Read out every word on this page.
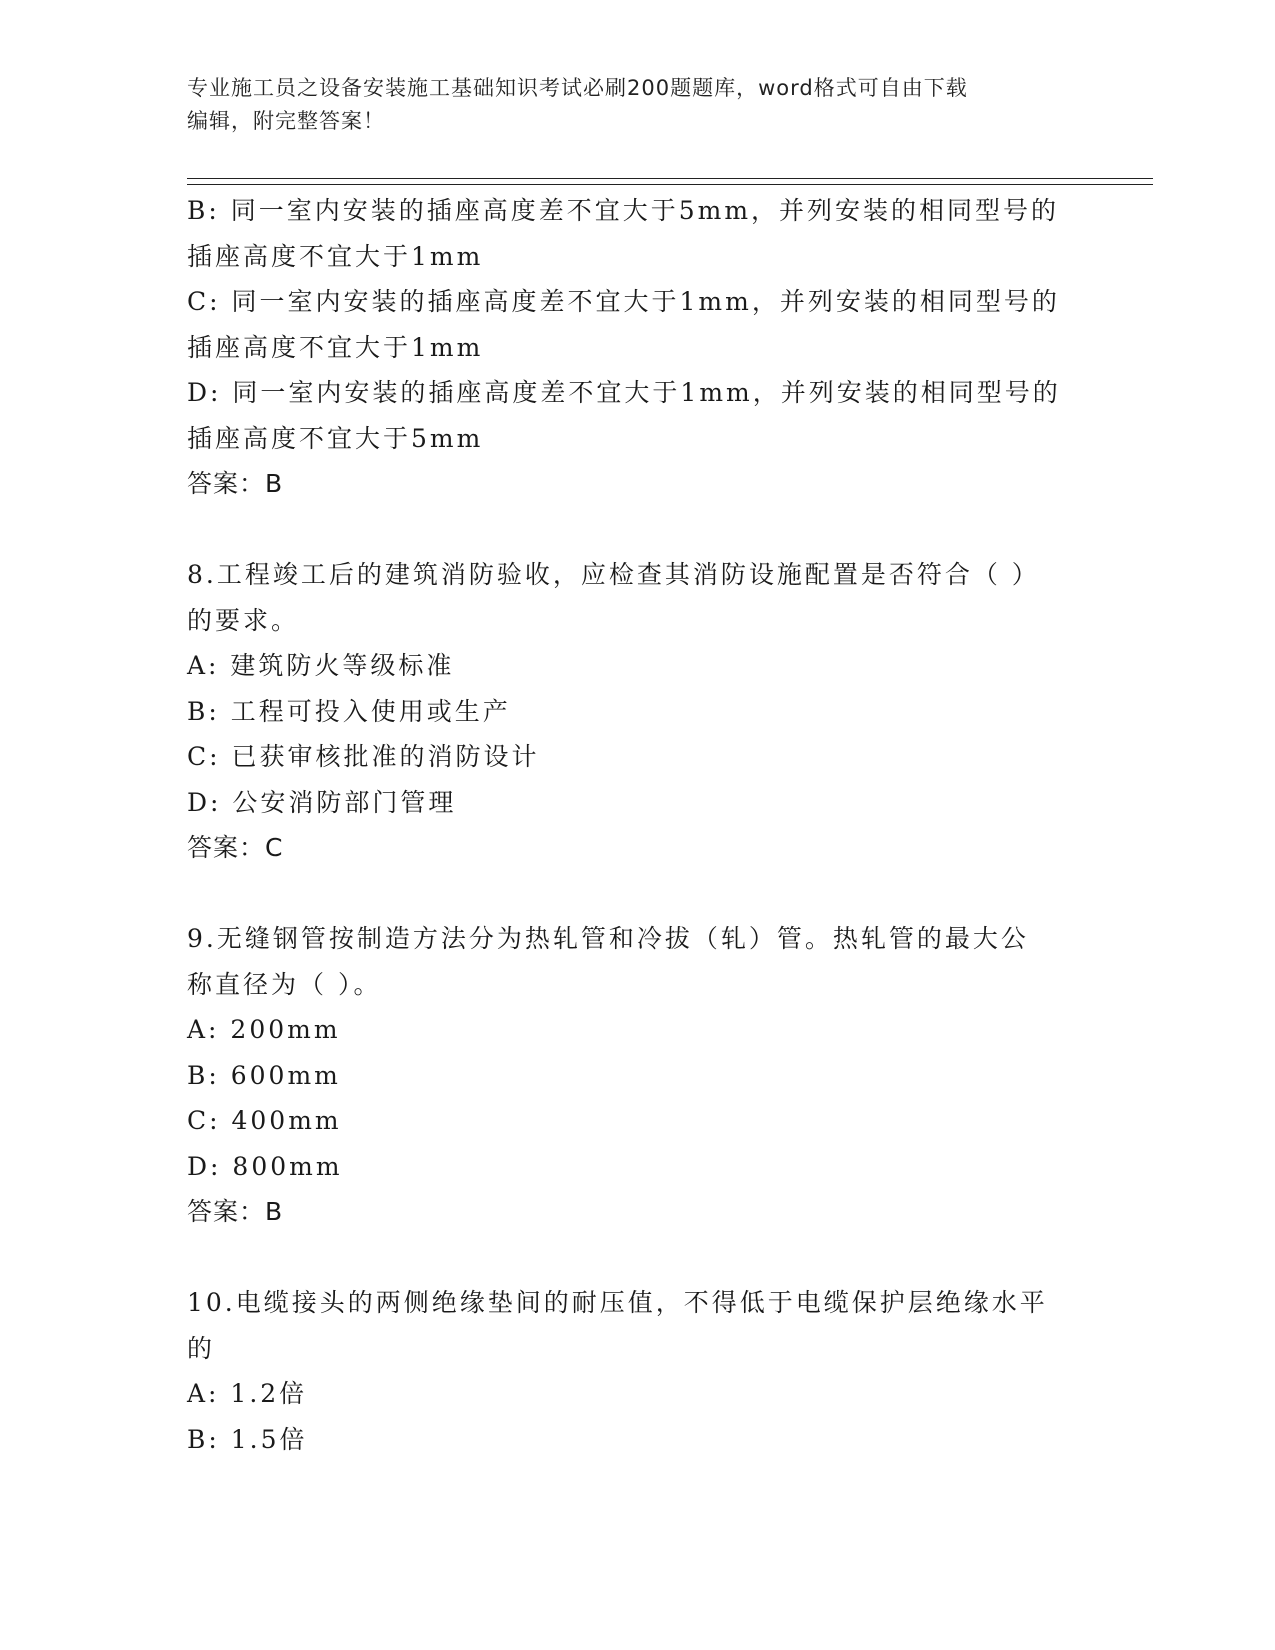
专业施工员之设备安装施工基础知识考试必刷200题题库，word格式可自由下载
编辑，附完整答案！
B: 同一室内安装的插座高度差不宜大于5mm，并列安装的相同型号的
插座高度不宜大于1mm
C: 同一室内安装的插座高度差不宜大于1mm，并列安装的相同型号的
插座高度不宜大于1mm
D: 同一室内安装的插座高度差不宜大于1mm，并列安装的相同型号的
插座高度不宜大于5mm
答案：B
8.工程竣工后的建筑消防验收，应检查其消防设施配置是否符合（ ）
的要求。
A: 建筑防火等级标准
B: 工程可投入使用或生产
C: 已获审核批准的消防设计
D: 公安消防部门管理
答案：C
9.无缝钢管按制造方法分为热轧管和冷拔（轧）管。热轧管的最大公
称直径为（ ）。
A: 200mm
B: 600mm
C: 400mm
D: 800mm
答案：B
10.电缆接头的两侧绝缘垫间的耐压值，不得低于电缆保护层绝缘水平
的
A: 1.2倍
B: 1.5倍
